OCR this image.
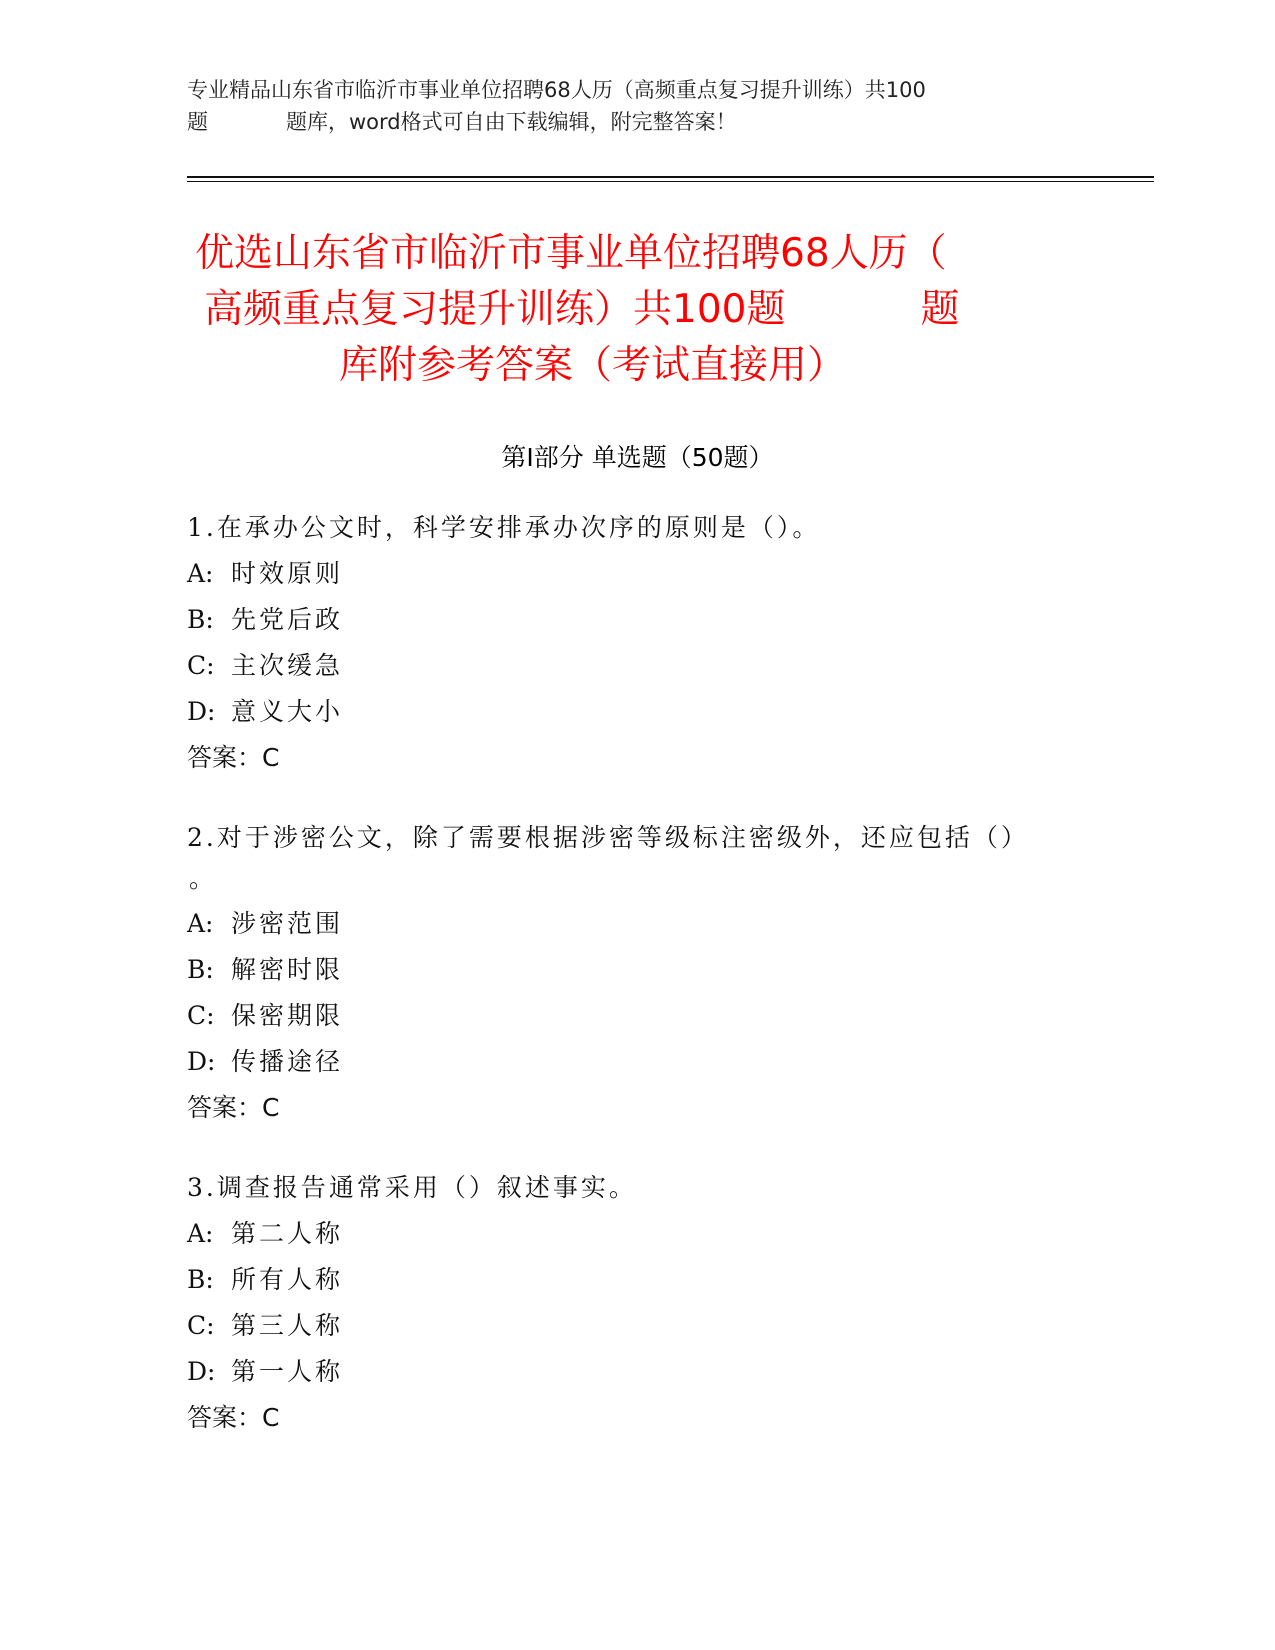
专业精品山东省市临沂市事业单位招聘68人历（高频重点复习提升训练）共100
题	题库，word格式可自由下载编辑，附完整答案！
优选山东省市临沂市事业单位招聘68人历（
高频重点复习提升训练）共100题	题
库附参考答案（考试直接用）
第Ⅰ部分 单选题（50题）
1.在承办公文时，科学安排承办次序的原则是（）。
A: 时效原则
B: 先党后政
C: 主次缓急
D: 意义大小
答案：C
2.对于涉密公文，除了需要根据涉密等级标注密级外，还应包括（）
。
A: 涉密范围
B: 解密时限
C: 保密期限
D: 传播途径
答案：C
3.调查报告通常采用（）叙述事实。
A: 第二人称
B: 所有人称
C: 第三人称
D: 第一人称
答案：C
